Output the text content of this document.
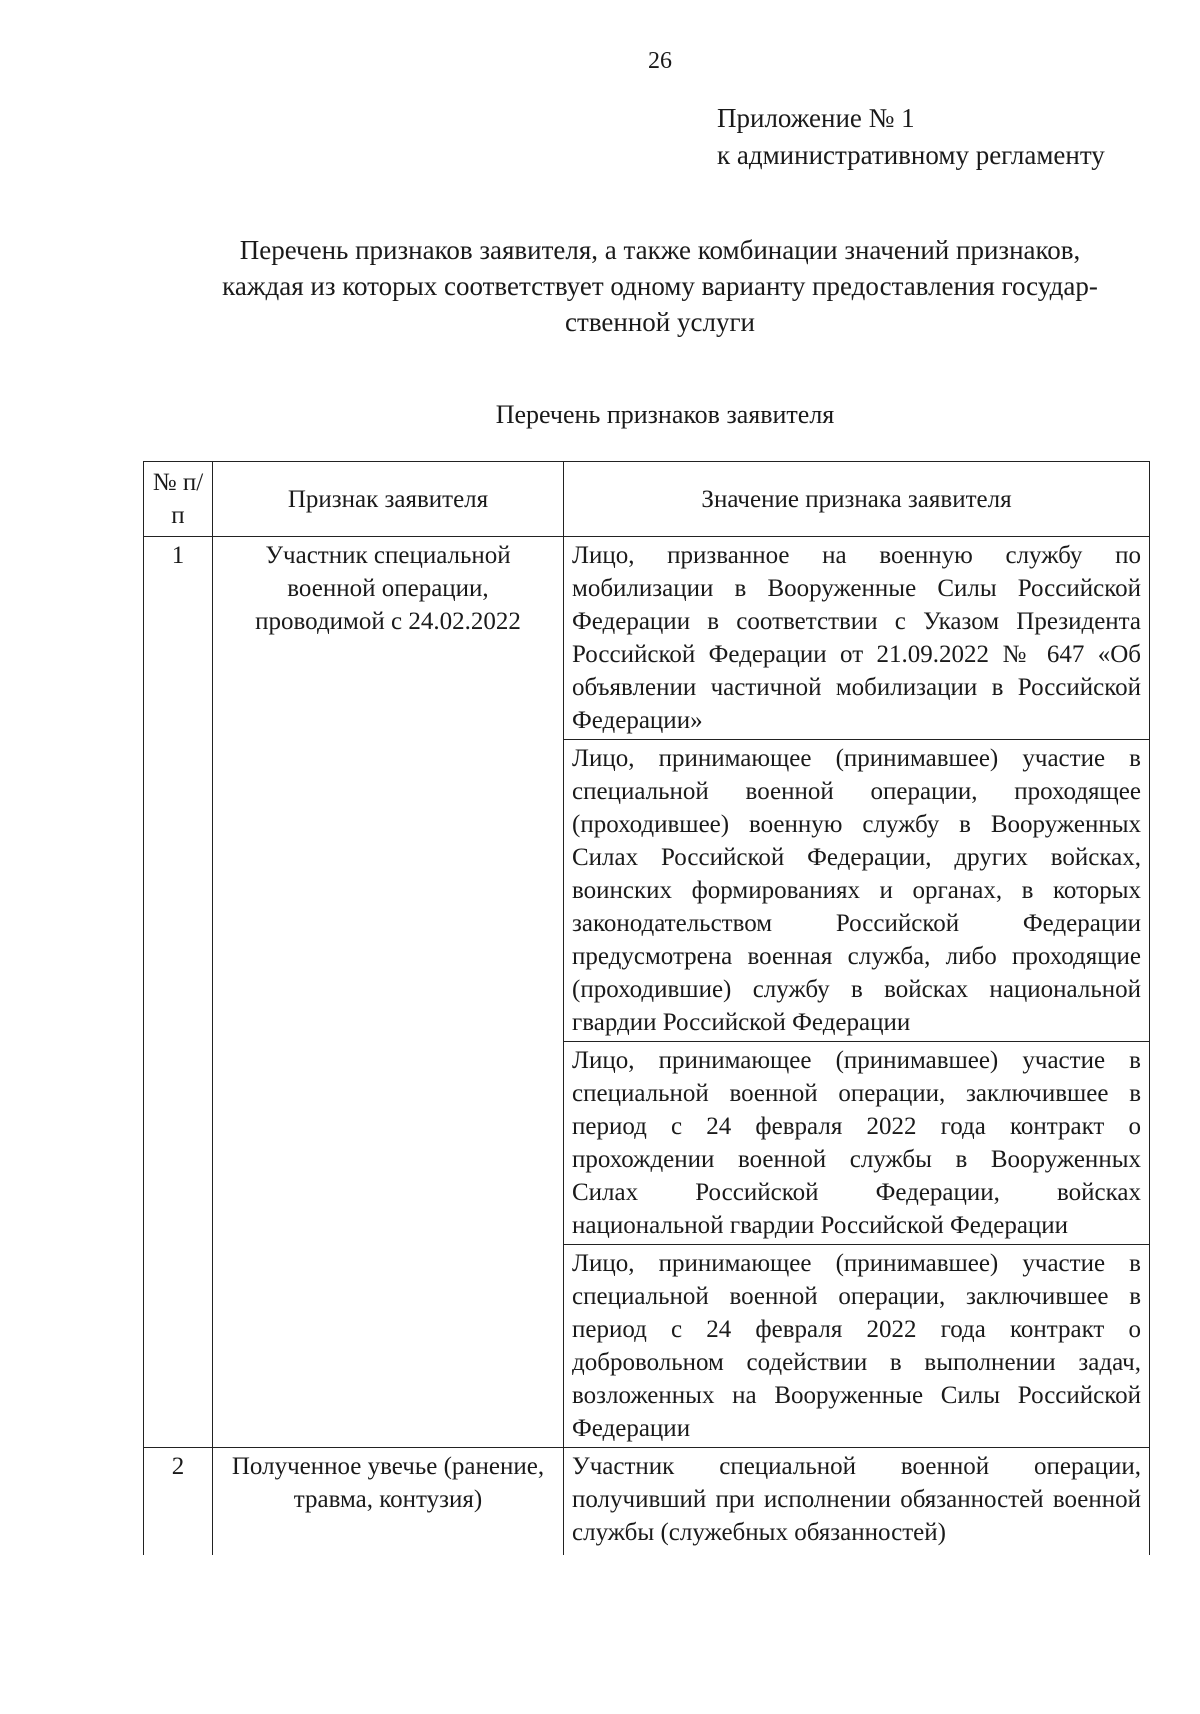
26
Приложение № 1
к административному регламенту
Перечень признаков заявителя, а также комбинации значений признаков,
каждая из которых соответствует одному варианту предоставления государ-
ственной услуги
Перечень признаков заявителя
№ п/п	Признак заявителя	Значение признака заявителя
1	Участник специальной военной операции, проводимой с 24.02.2022	Лицо, призванное на военную службу по мобилизации в Вооруженные Силы Российской Федерации в соответствии с Указом Президента Российской Федерации от 21.09.2022 № 647 «Об объявлении частичной мобилизации в Российской Федерации»
		Лицо, принимающее (принимавшее) участие в специальной военной операции, проходящее (проходившее) военную службу в Вооруженных Силах Российской Федерации, других войсках, воинских формированиях и органах, в которых законодательством Российской Федерации предусмотрена военная служба, либо проходящие (проходившие) службу в войсках национальной гвардии Российской Федерации
		Лицо, принимающее (принимавшее) участие в специальной военной операции, заключившее в период с 24 февраля 2022 года контракт о прохождении военной службы в Вооруженных Силах Российской Федерации, войсках национальной гвардии Российской Федерации
		Лицо, принимающее (принимавшее) участие в специальной военной операции, заключившее в период с 24 февраля 2022 года контракт о добровольном содействии в выполнении задач, возложенных на Вооруженные Силы Российской Федерации
2	Полученное увечье (ранение, травма, контузия)	Участник специальной военной операции, получивший при исполнении обязанностей военной службы (служебных обязанностей)
